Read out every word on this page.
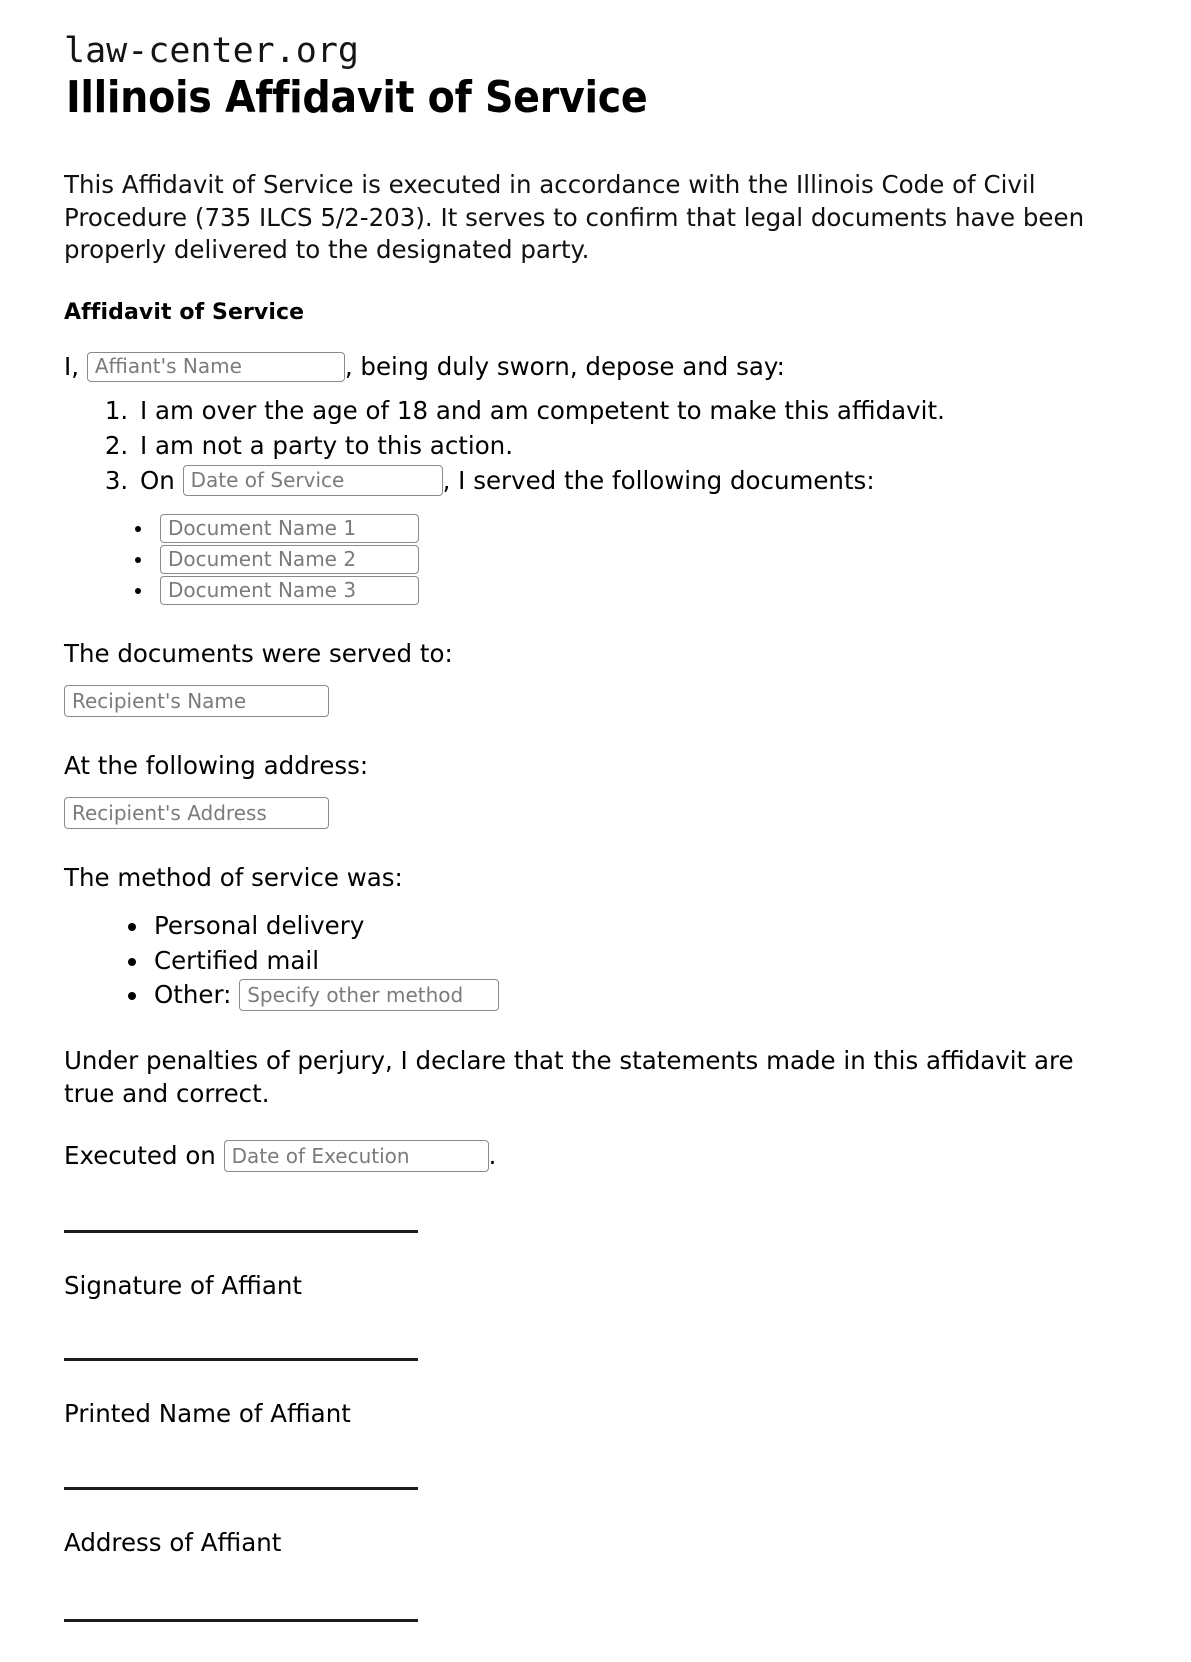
law-center.org
Illinois Affidavit of Service

This Affidavit of Service is executed in accordance with the Illinois Code of Civil Procedure (735 ILCS 5/2-203). It serves to confirm that legal documents have been properly delivered to the designated party.

Affidavit of Service
I,

Affiant's Name	, being duly sworn, depose and say:
1. I am over the age of 18 and am competent to make this affidavit.
2. I am not a party to this action.
3. On

Date of Service	, I served the following documents:
•
Document Name 1
•
Document Name 2
•
Document Name 3

The documents were served to:

Recipient's Name

At the following address:

Recipient's Address

The method of service was:

• Personal delivery
• Certified mail
• Other:

Specify other method

Under penalties of perjury, I declare that the statements made in this affidavit are true and correct.

Executed on

Date of Execution	.
Signature of Affiant
Printed Name of Affiant
Address of Affiant
